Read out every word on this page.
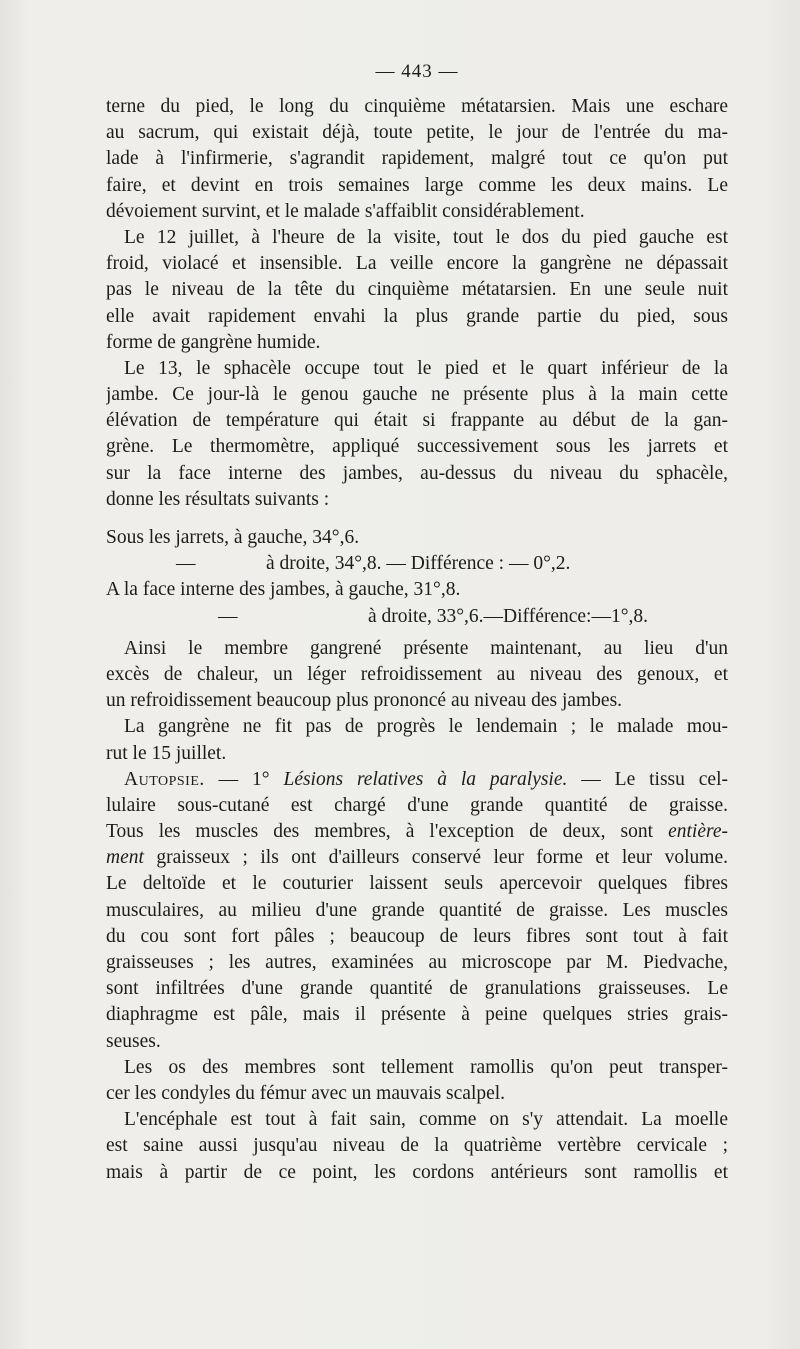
— 443 —
terne du pied, le long du cinquième métatarsien. Mais une eschare
au sacrum, qui existait déjà, toute petite, le jour de l'entrée du ma-
lade à l'infirmerie, s'agrandit rapidement, malgré tout ce qu'on put
faire, et devint en trois semaines large comme les deux mains. Le
dévoiement survint, et le malade s'affaiblit considérablement.
Le 12 juillet, à l'heure de la visite, tout le dos du pied gauche est
froid, violacé et insensible. La veille encore la gangrène ne dépassait
pas le niveau de la tête du cinquième métatarsien. En une seule nuit
elle avait rapidement envahi la plus grande partie du pied, sous
forme de gangrène humide.
Le 13, le sphacèle occupe tout le pied et le quart inférieur de la
jambe. Ce jour-là le genou gauche ne présente plus à la main cette
élévation de température qui était si frappante au début de la gan-
grène. Le thermomètre, appliqué successivement sous les jarrets et
sur la face interne des jambes, au-dessus du niveau du sphacèle,
donne les résultats suivants :
Sous les jarrets, à gauche, 34°,6.
—	à droite, 34°,8. — Différence : — 0°,2.
A la face interne des jambes, à gauche, 31°,8.
—	à droite, 33°,6.—Différence:—1°,8.
Ainsi le membre gangrené présente maintenant, au lieu d'un
excès de chaleur, un léger refroidissement au niveau des genoux, et
un refroidissement beaucoup plus prononcé au niveau des jambes.
La gangrène ne fit pas de progrès le lendemain ; le malade mou-
rut le 15 juillet.
Autopsie. — 1° Lésions relatives à la paralysie. — Le tissu cel-
lulaire sous-cutané est chargé d'une grande quantité de graisse.
Tous les muscles des membres, à l'exception de deux, sont entière-
ment graisseux ; ils ont d'ailleurs conservé leur forme et leur volume.
Le deltoïde et le couturier laissent seuls apercevoir quelques fibres
musculaires, au milieu d'une grande quantité de graisse. Les muscles
du cou sont fort pâles ; beaucoup de leurs fibres sont tout à fait
graisseuses ; les autres, examinées au microscope par M. Piedvache,
sont infiltrées d'une grande quantité de granulations graisseuses. Le
diaphragme est pâle, mais il présente à peine quelques stries grais-
seuses.
Les os des membres sont tellement ramollis qu'on peut transper-
cer les condyles du fémur avec un mauvais scalpel.
L'encéphale est tout à fait sain, comme on s'y attendait. La moelle
est saine aussi jusqu'au niveau de la quatrième vertèbre cervicale ;
mais à partir de ce point, les cordons antérieurs sont ramollis et
